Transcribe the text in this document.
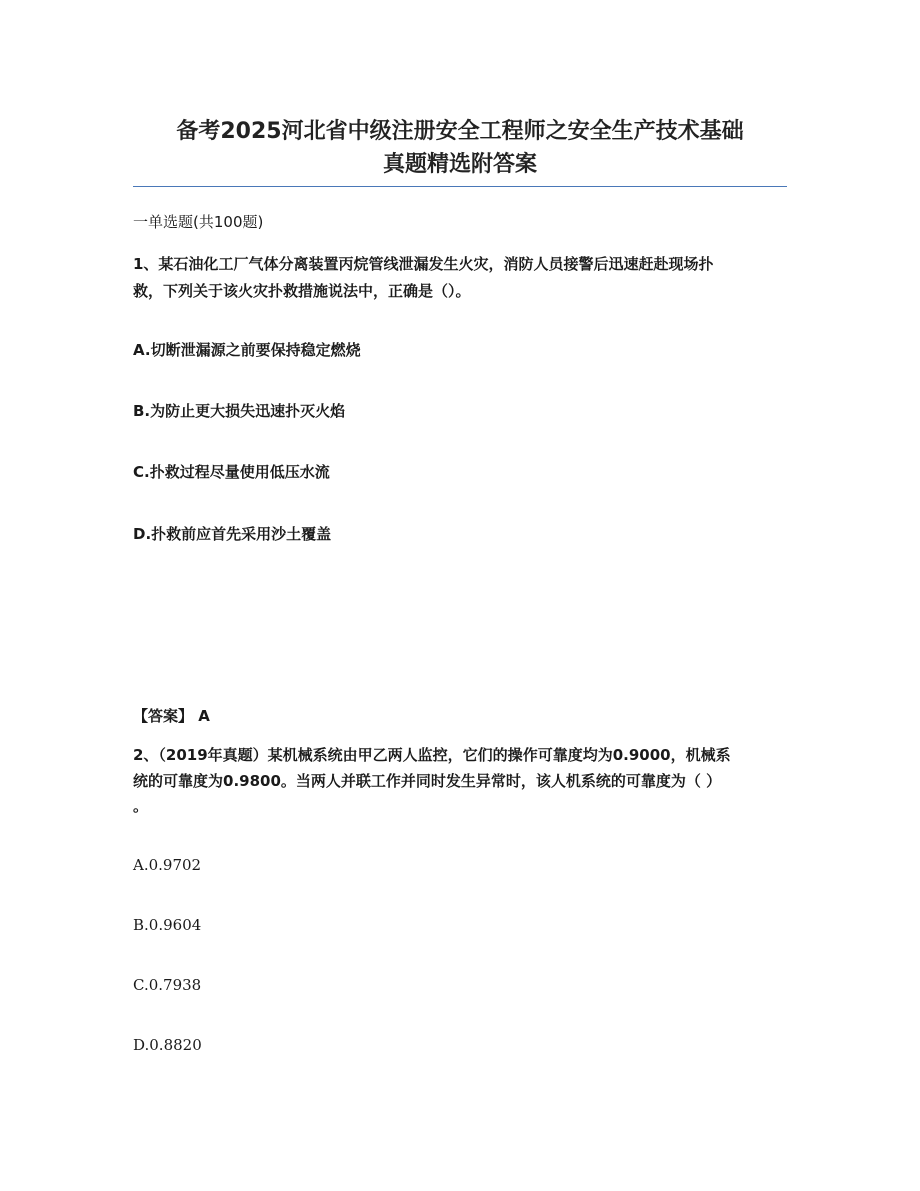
备考2025河北省中级注册安全工程师之安全生产技术基础
真题精选附答案
一单选题(共100题)
1、某石油化工厂气体分离装置丙烷管线泄漏发生火灾，消防人员接警后迅速赶赴现场扑
救，下列关于该火灾扑救措施说法中，正确是（）。
A.切断泄漏源之前要保持稳定燃烧
B.为防止更大损失迅速扑灭火焰
C.扑救过程尽量使用低压水流
D.扑救前应首先采用沙土覆盖
【答案】 A
2、（2019年真题）某机械系统由甲乙两人监控，它们的操作可靠度均为0.9000，机械系
统的可靠度为0.9800。当两人并联工作并同时发生异常时，该人机系统的可靠度为（ ）
。
A.0.9702
B.0.9604
C.0.7938
D.0.8820
